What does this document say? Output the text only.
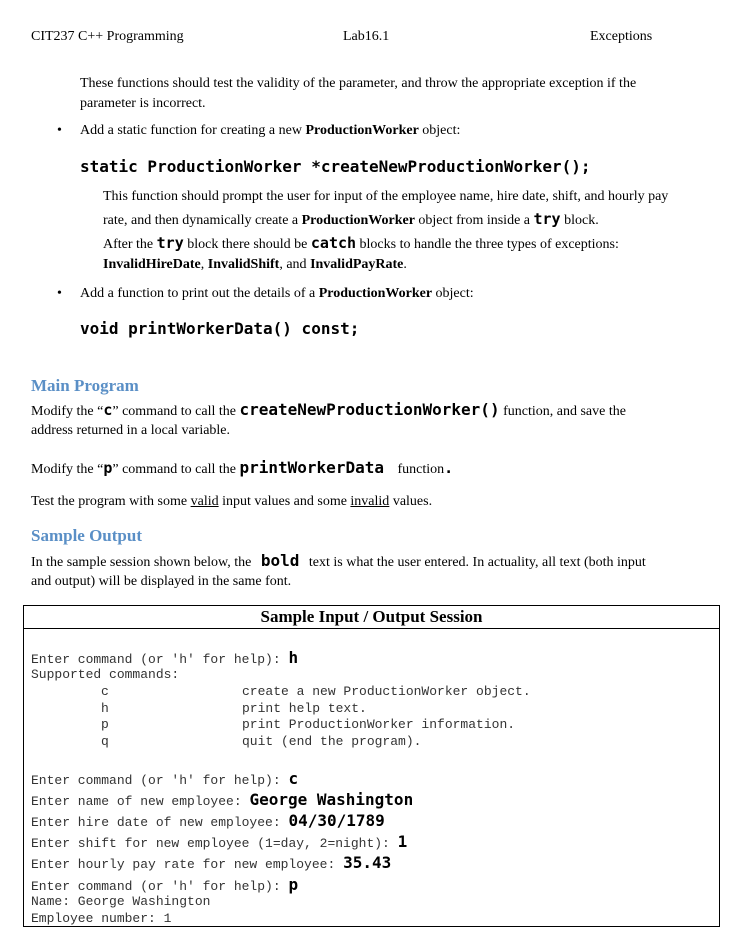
CIT237 C++ Programming	Lab16.1	Exceptions
These functions should test the validity of the parameter, and throw the appropriate exception if the
parameter is incorrect.
• Add a static function for creating a new ProductionWorker object:
static ProductionWorker *createNewProductionWorker();
This function should prompt the user for input of the employee name, hire date, shift, and hourly pay
rate, and then dynamically create a ProductionWorker object from inside a try block.
After the try block there should be catch blocks to handle the three types of exceptions:
InvalidHireDate, InvalidShift, and InvalidPayRate.
• Add a function to print out the details of a ProductionWorker object:
void printWorkerData() const;
Main Program
Modify the “c” command to call the createNewProductionWorker() function, and save the
address returned in a local variable.
Modify the “p” command to call the printWorkerData function.
Test the program with some valid input values and some invalid values.
Sample Output
In the sample session shown below, the bold text is what the user entered. In actuality, all text (both input
and output) will be displayed in the same font.
Sample Input / Output Session
Enter command (or 'h' for help): h
Supported commands:
c	create a new ProductionWorker object.
h	print help text.
p	print ProductionWorker information.
q	quit (end the program).
Enter command (or 'h' for help): c
Enter name of new employee: George Washington
Enter hire date of new employee: 04/30/1789
Enter shift for new employee (1=day, 2=night): 1
Enter hourly pay rate for new employee: 35.43
Enter command (or 'h' for help): p
Name: George Washington
Employee number: 1
